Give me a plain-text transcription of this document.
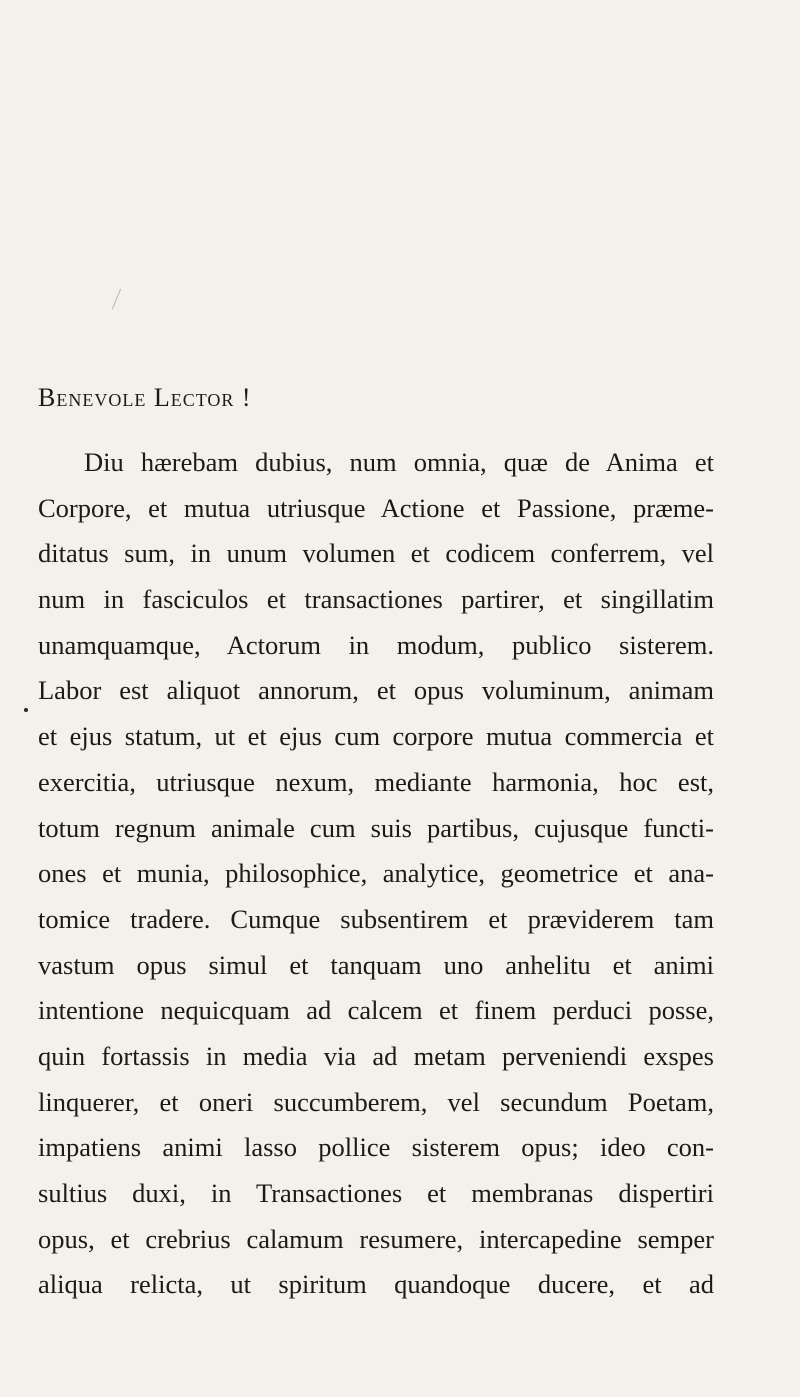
Benevole Lector !
Diu hærebam dubius, num omnia, quæ de Anima et
Corpore, et mutua utriusque Actione et Passione, præme-
ditatus sum, in unum volumen et codicem conferrem, vel
num in fasciculos et transactiones partirer, et singillatim
unamquamque, Actorum in modum, publico sisterem.
Labor est aliquot annorum, et opus voluminum, animam
et ejus statum, ut et ejus cum corpore mutua commercia et
exercitia, utriusque nexum, mediante harmonia, hoc est,
totum regnum animale cum suis partibus, cujusque functi-
ones et munia, philosophice, analytice, geometrice et ana-
tomice tradere. Cumque subsentirem et præviderem tam
vastum opus simul et tanquam uno anhelitu et animi
intentione nequicquam ad calcem et finem perduci posse,
quin fortassis in media via ad metam perveniendi exspes
linquerer, et oneri succumberem, vel secundum Poetam,
impatiens animi lasso pollice sisterem opus; ideo con-
sultius duxi, in Transactiones et membranas dispertiri
opus, et crebrius calamum resumere, intercapedine semper
aliqua relicta, ut spiritum quandoque ducere, et ad
